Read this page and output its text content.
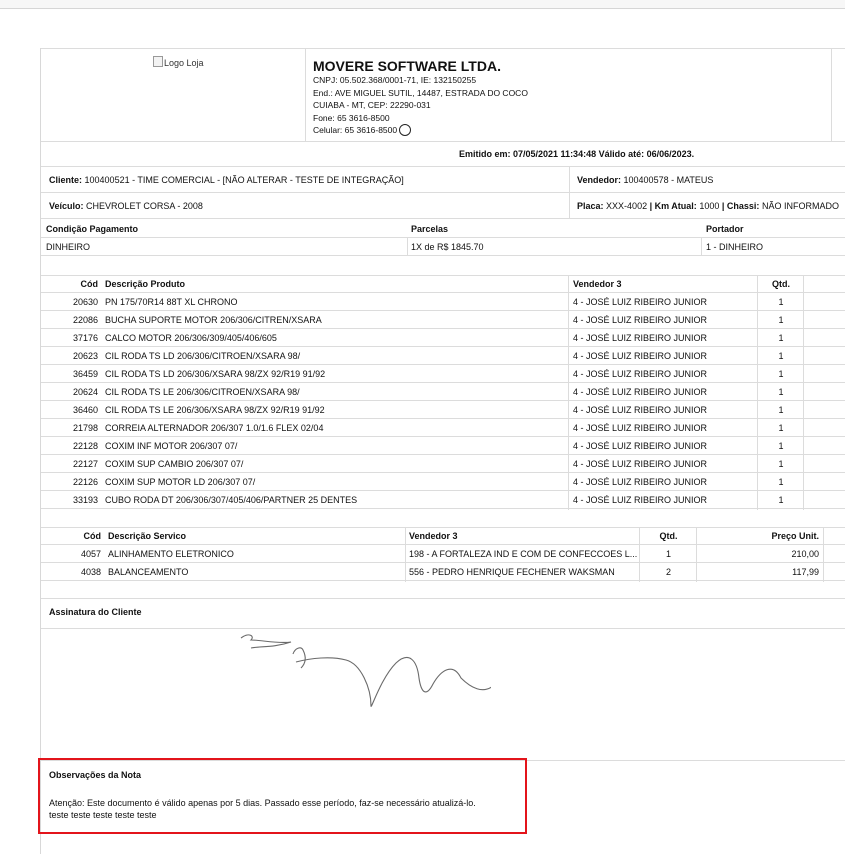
Logo Loja	MOVERE SOFTWARE LTDA.
CNPJ: 05.502.368/0001-71, IE: 132150255
End.: AVE MIGUEL SUTIL, 14487, ESTRADA DO COCO
CUIABA - MT, CEP: 22290-031
Fone: 65 3616-8500
Celular: 65 3616-8500
Emitido em: 07/05/2021 11:34:48 Válido até: 06/06/2023.
Cliente: 100400521 - TIME COMERCIAL - [NÃO ALTERAR - TESTE DE INTEGRAÇÃO]	Vendedor: 100400578 - MATEUS
Veículo: CHEVROLET CORSA - 2008	Placa: XXX-4002 | Km Atual: 1000 | Chassi: NÃO INFORMADO
Condição Pagamento	Parcelas	Portador
DINHEIRO	1X de R$ 1845.70	1 - DINHEIRO
Cód Descrição Produto	Vendedor 3	Qtd.
20630 PN 175/70R14 88T XL CHRONO	4 - JOSÉ LUIZ RIBEIRO JUNIOR	1
22086 BUCHA SUPORTE MOTOR 206/306/CITREN/XSARA	4 - JOSÉ LUIZ RIBEIRO JUNIOR	1
37176 CALCO MOTOR 206/306/309/405/406/605	4 - JOSÉ LUIZ RIBEIRO JUNIOR	1
20623 CIL RODA TS LD 206/306/CITROEN/XSARA 98/	4 - JOSÉ LUIZ RIBEIRO JUNIOR	1
36459 CIL RODA TS LD 206/306/XSARA 98/ZX 92/R19 91/92	4 - JOSÉ LUIZ RIBEIRO JUNIOR	1
20624 CIL RODA TS LE 206/306/CITROEN/XSARA 98/	4 - JOSÉ LUIZ RIBEIRO JUNIOR	1
36460 CIL RODA TS LE 206/306/XSARA 98/ZX 92/R19 91/92	4 - JOSÉ LUIZ RIBEIRO JUNIOR	1
21798 CORREIA ALTERNADOR 206/307 1.0/1.6 FLEX 02/04	4 - JOSÉ LUIZ RIBEIRO JUNIOR	1
22128 COXIM INF MOTOR 206/307 07/	4 - JOSÉ LUIZ RIBEIRO JUNIOR	1
22127 COXIM SUP CAMBIO 206/307 07/	4 - JOSÉ LUIZ RIBEIRO JUNIOR	1
22126 COXIM SUP MOTOR LD 206/307 07/	4 - JOSÉ LUIZ RIBEIRO JUNIOR	1
33193 CUBO RODA DT 206/306/307/405/406/PARTNER 25 DENTES	4 - JOSÉ LUIZ RIBEIRO JUNIOR	1
Cód Descrição Servico	Vendedor 3	Qtd.	Preço Unit.
4057 ALINHAMENTO ELETRONICO	198 - A FORTALEZA IND E COM DE CONFECCOES L...	1	210,00
4038 BALANCEAMENTO	556 - PEDRO HENRIQUE FECHENER WAKSMAN	2	117,99
Assinatura do Cliente
Observações da Nota
Atenção: Este documento é válido apenas por 5 dias. Passado esse período, faz-se necessário atualizá-lo.
teste teste teste teste teste
